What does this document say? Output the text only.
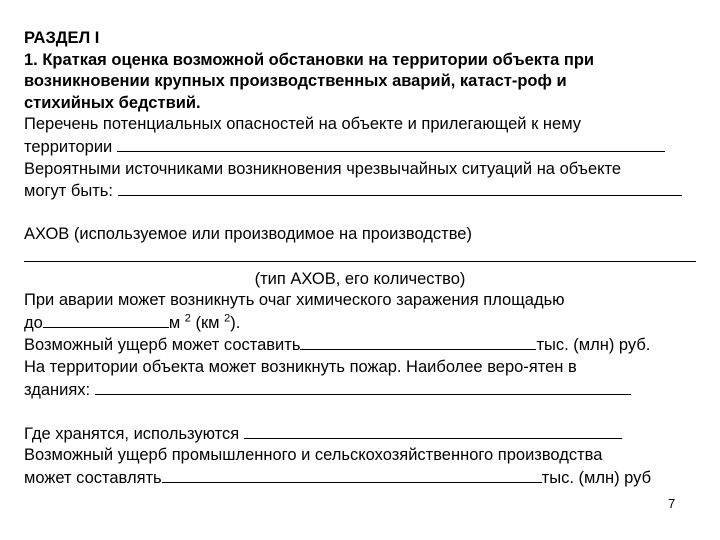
РАЗДЕЛ I
1. Краткая оценка возможной обстановки на территории объекта при
возникновении крупных производственных аварий, катаст-роф и
стихийных бедствий.
Перечень потенциальных опасностей на объекте и прилегающей к нему
территории
Вероятными источниками возникновения чрезвычайных ситуаций на объекте
могут быть:
АХОВ (используемое или производимое на производстве)
(тип АХОВ, его количество)
При аварии может возникнуть очаг химического заражения площадью
до	м $^2$ (км $^2$).
Возможный ущерб может составить	тыс. (млн) руб.
На территории объекта может возникнуть пожар. Наиболее веро-ятен в
зданиях:
Где хранятся, используются
Возможный ущерб промышленного и сельскохозяйственного производства
может составлять	тыс. (млн) руб
7
